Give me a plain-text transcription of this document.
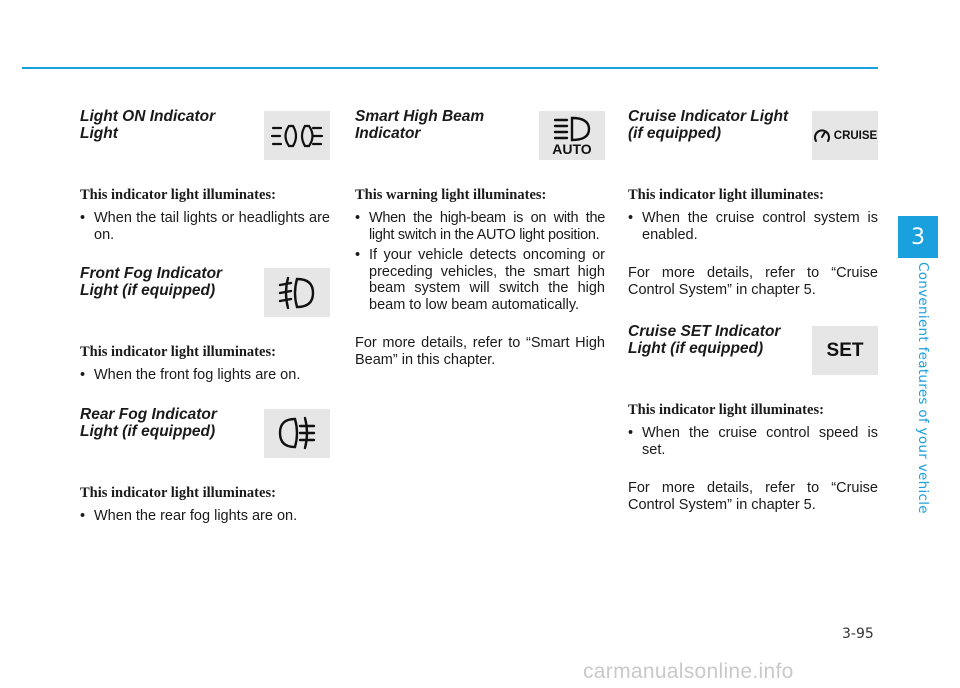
Light ON Indicator Light
This indicator light illuminates:
• When the tail lights or headlights are on.
Front Fog Indicator Light (if equipped)
This indicator light illuminates:
• When the front fog lights are on.
Rear Fog Indicator Light (if equipped)
This indicator light illuminates:
• When the rear fog lights are on.
Smart High Beam Indicator
AUTO
This warning light illuminates:
• When the high-beam is on with the light switch in the AUTO light position.
• If your vehicle detects oncoming or preceding vehicles, the smart high beam system will switch the high beam to low beam automatically.

For more details, refer to “Smart High Beam” in this chapter.

Cruise Indicator Light (if equipped)	CRUISE
This indicator light illuminates:
• When the cruise control system is enabled.

For more details, refer to “Cruise Control System” in chapter 5.

Cruise SET Indicator Light (if equipped)	SET
This indicator light illuminates:
• When the cruise control speed is set.

For more details, refer to “Cruise Control System” in chapter 5.

3
Convenient features of your vehicle
3-95
carmanualsonline.info
